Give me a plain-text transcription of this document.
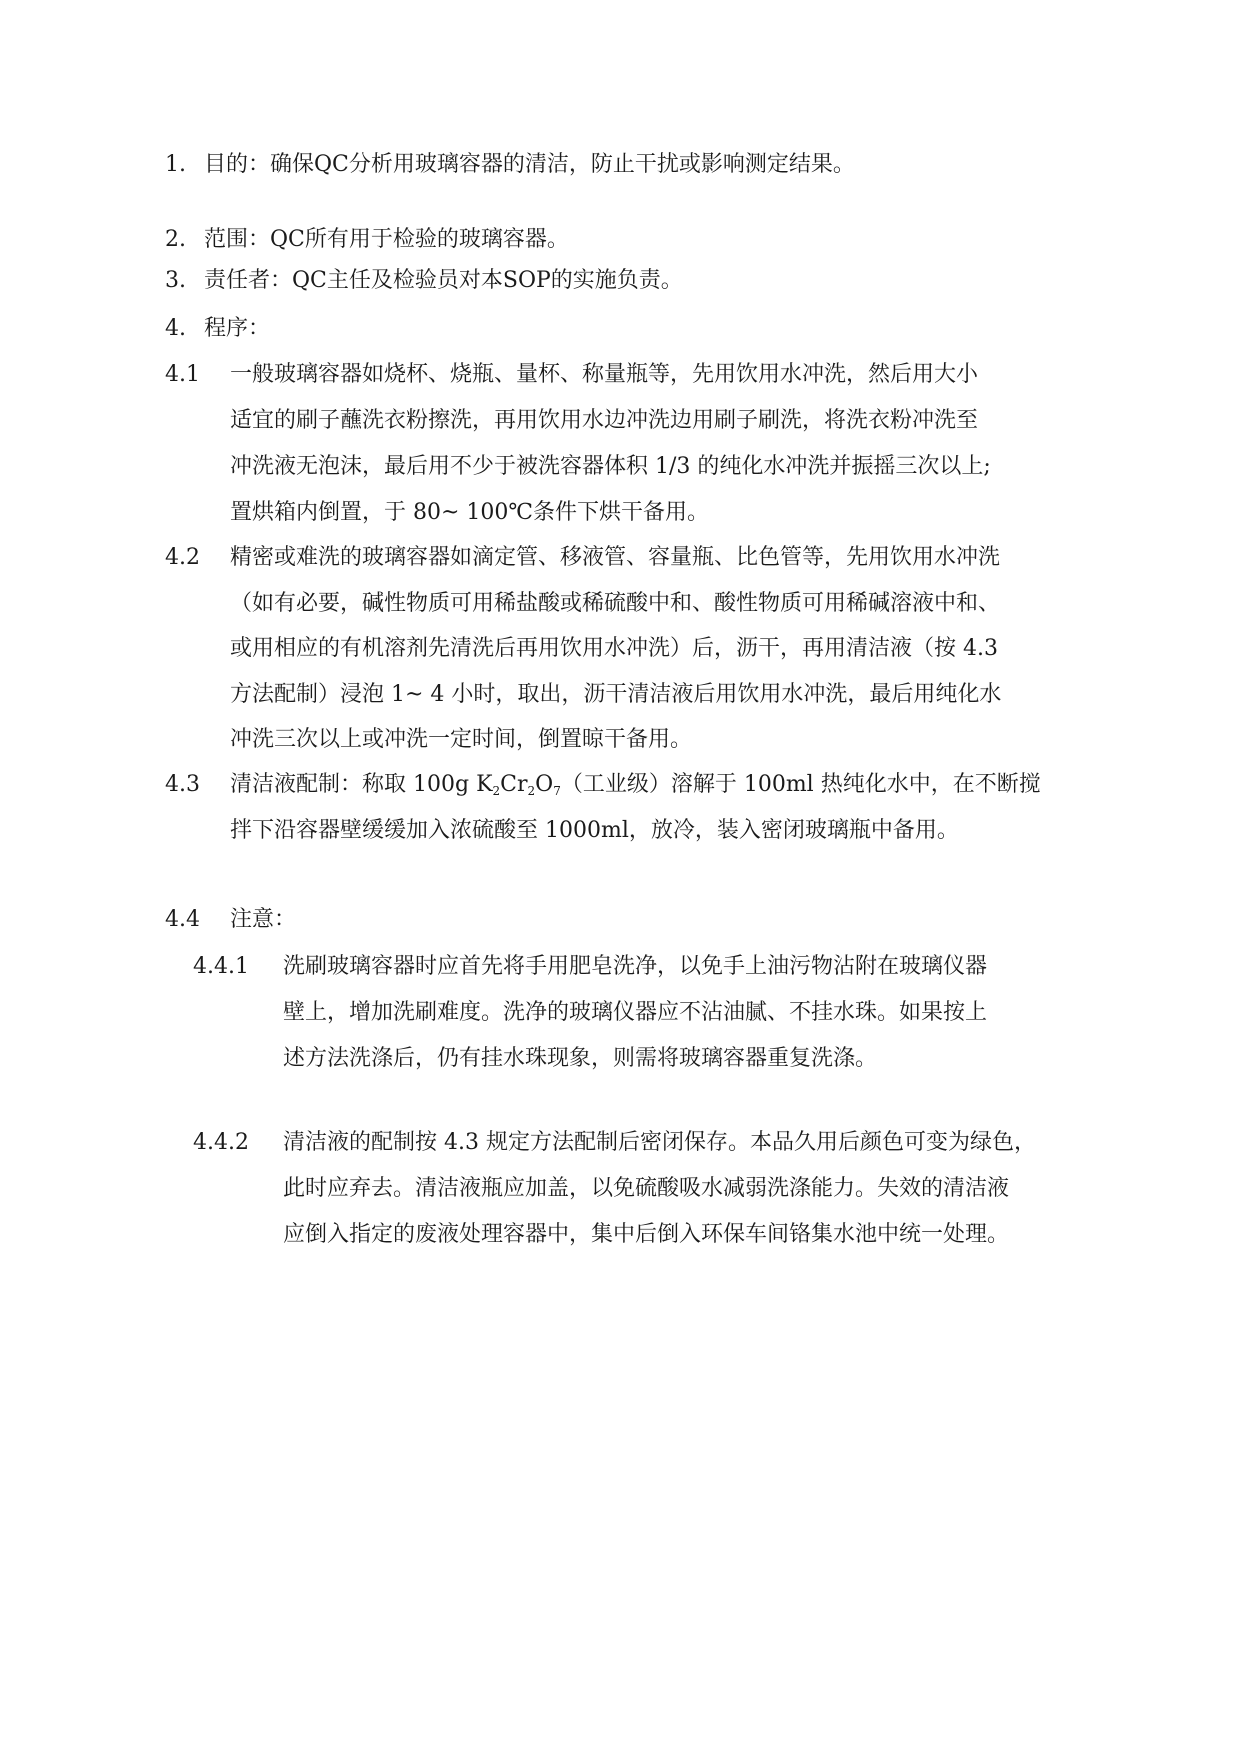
1. 目的：确保QC分析用玻璃容器的清洁，防止干扰或影响测定结果。
2. 范围：QC所有用于检验的玻璃容器。
3. 责任者：QC主任及检验员对本SOP的实施负责。
4. 程序：
4.1 一般玻璃容器如烧杯、烧瓶、量杯、称量瓶等，先用饮用水冲洗，然后用大小
适宜的刷子蘸洗衣粉擦洗，再用饮用水边冲洗边用刷子刷洗，将洗衣粉冲洗至
冲洗液无泡沫，最后用不少于被洗容器体积 1/3 的纯化水冲洗并振摇三次以上;
置烘箱内倒置，于 80~ 100℃条件下烘干备用。
4.2 精密或难洗的玻璃容器如滴定管、移液管、容量瓶、比色管等，先用饮用水冲洗
（如有必要，碱性物质可用稀盐酸或稀硫酸中和、酸性物质可用稀碱溶液中和、
或用相应的有机溶剂先清洗后再用饮用水冲洗）后，沥干，再用清洁液（按 4.3
方法配制）浸泡 1~ 4 小时，取出，沥干清洁液后用饮用水冲洗，最后用纯化水
冲洗三次以上或冲洗一定时间，倒置晾干备用。
4.3 清洁液配制：称取 100g $K_2Cr_2O_7$（工业级）溶解于 100ml 热纯化水中，在不断搅
拌下沿容器壁缓缓加入浓硫酸至 1000ml，放冷，装入密闭玻璃瓶中备用。
4.4 注意：
4.4.1 洗刷玻璃容器时应首先将手用肥皂洗净，以免手上油污物沾附在玻璃仪器
壁上，增加洗刷难度。洗净的玻璃仪器应不沾油腻、不挂水珠。如果按上
述方法洗涤后，仍有挂水珠现象，则需将玻璃容器重复洗涤。
4.4.2 清洁液的配制按 4.3 规定方法配制后密闭保存。本品久用后颜色可变为绿色，
此时应弃去。清洁液瓶应加盖，以免硫酸吸水减弱洗涤能力。失效的清洁液
应倒入指定的废液处理容器中，集中后倒入环保车间铬集水池中统一处理。
